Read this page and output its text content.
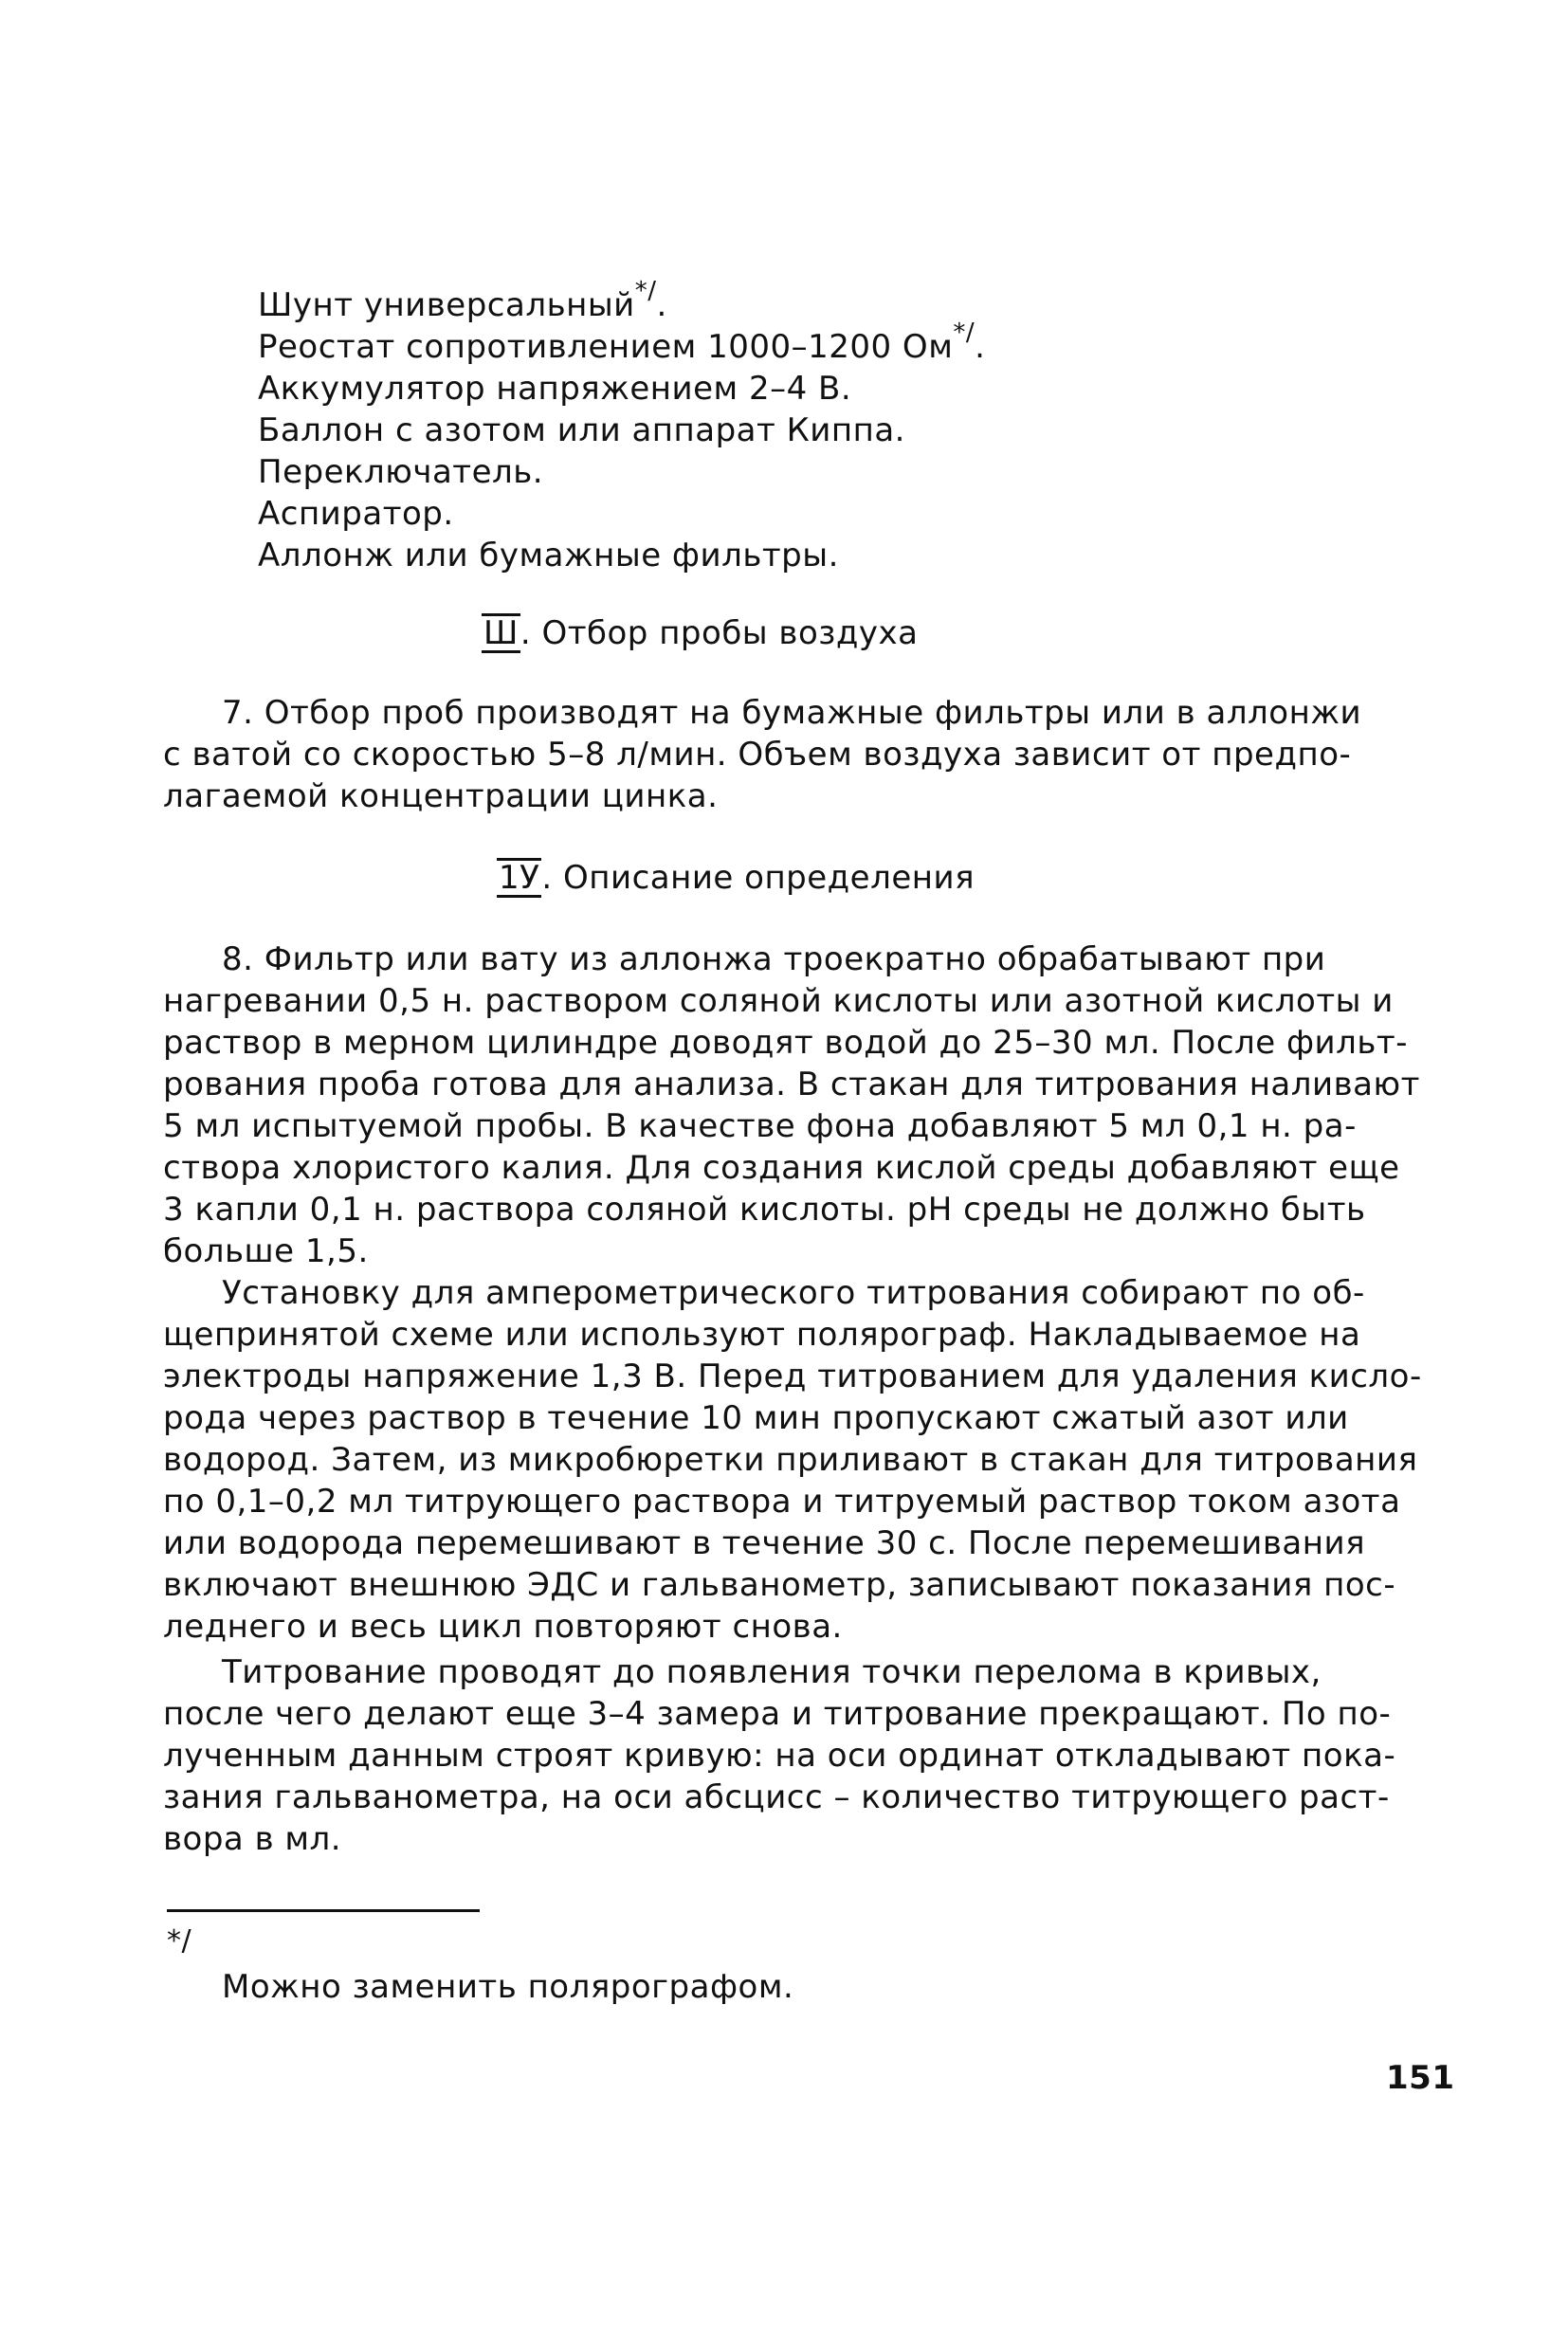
Шунт универсальный*/.
Реостат сопротивлением 1000–1200 Ом*/.
Аккумулятор напряжением 2–4 В.
Баллон с азотом или аппарат Киппа.
Переключатель.
Аспиратор.
Аллонж или бумажные фильтры.
Ш. Отбор пробы воздуха
7. Отбор проб производят на бумажные фильтры или в аллонжи
с ватой со скоростью 5–8 л/мин. Объем воздуха зависит от предпо-
лагаемой концентрации цинка.
1У. Описание определения
8. Фильтр или вату из аллонжа троекратно обрабатывают при
нагревании 0,5 н. раствором соляной кислоты или азотной кислоты и
раствор в мерном цилиндре доводят водой до 25–30 мл. После фильт-
рования проба готова для анализа. В стакан для титрования наливают
5 мл испытуемой пробы. В качестве фона добавляют 5 мл 0,1 н. ра-
створа хлористого калия. Для создания кислой среды добавляют еще
3 капли 0,1 н. раствора соляной кислоты. pH среды не должно быть
больше 1,5.
Установку для амперометрического титрования собирают по об-
щепринятой схеме или используют полярограф. Накладываемое на
электроды напряжение 1,3 В. Перед титрованием для удаления кисло-
рода через раствор в течение 10 мин пропускают сжатый азот или
водород. Затем, из микробюретки приливают в стакан для титрования
по 0,1–0,2 мл титрующего раствора и титруемый раствор током азота
или водорода перемешивают в течение 30 с. После перемешивания
включают внешнюю ЭДС и гальванометр, записывают показания пос-
леднего и весь цикл повторяют снова.
Титрование проводят до появления точки перелома в кривых,
после чего делают еще 3–4 замера и титрование прекращают. По по-
лученным данным строят кривую: на оси ординат откладывают пока-
зания гальванометра, на оси абсцисс – количество титрующего раст-
вора в мл.
*/
Можно заменить полярографом.
151
